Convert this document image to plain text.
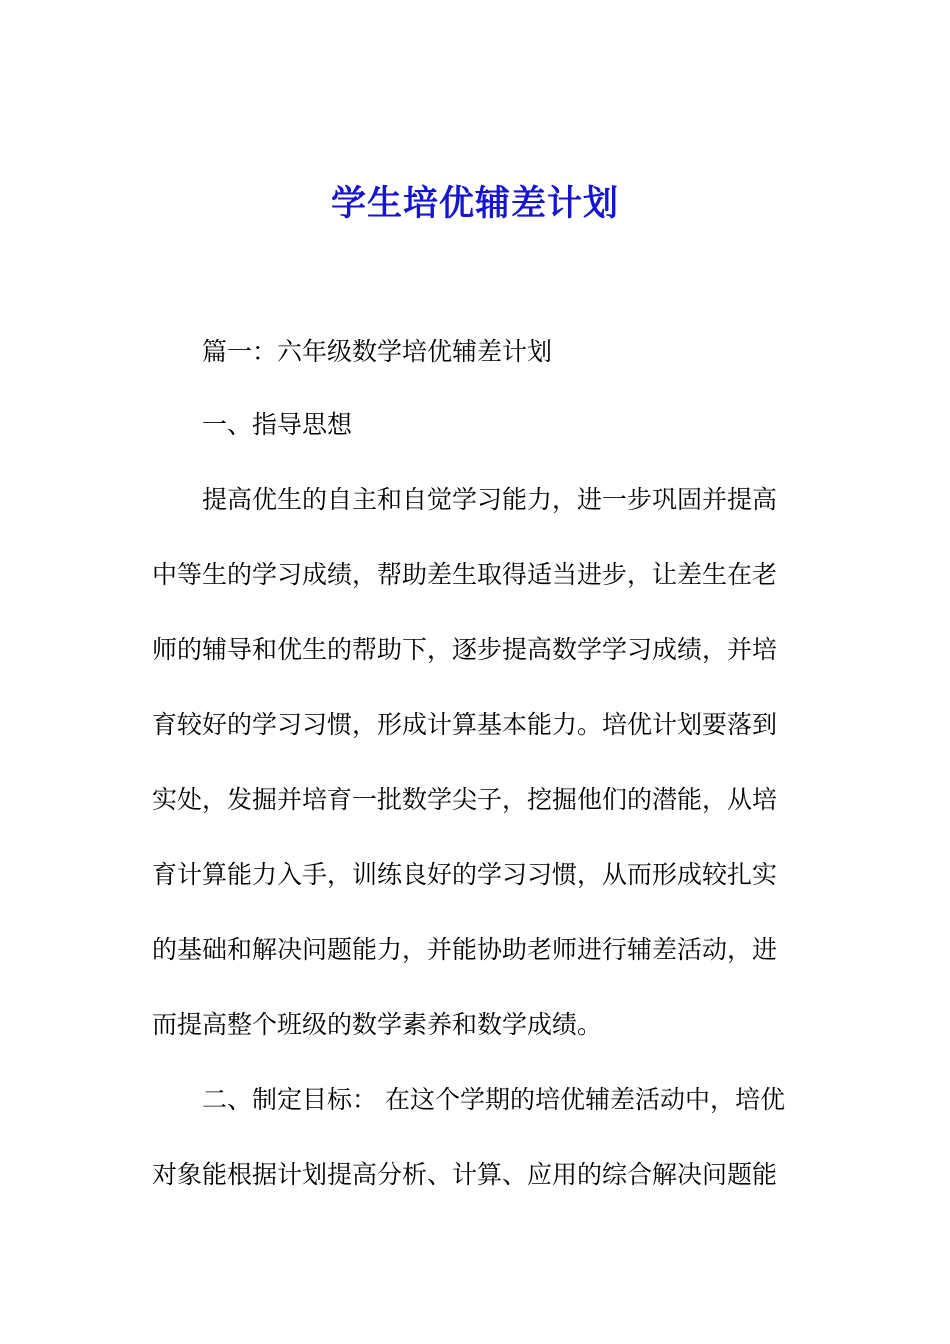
学生培优辅差计划

篇一：六年级数学培优辅差计划

一、指导思想

提高优生的自主和自觉学习能力，进一步巩固并提高

中等生的学习成绩，帮助差生取得适当进步，让差生在老

师的辅导和优生的帮助下，逐步提高数学学习成绩，并培

育较好的学习习惯，形成计算基本能力。培优计划要落到

实处，发掘并培育一批数学尖子，挖掘他们的潜能，从培

育计算能力入手，训练良好的学习习惯，从而形成较扎实

的基础和解决问题能力，并能协助老师进行辅差活动，进

而提高整个班级的数学素养和数学成绩。

二、制定目标： 在这个学期的培优辅差活动中，培优

对象能根据计划提高分析、计算、应用的综合解决问题能
